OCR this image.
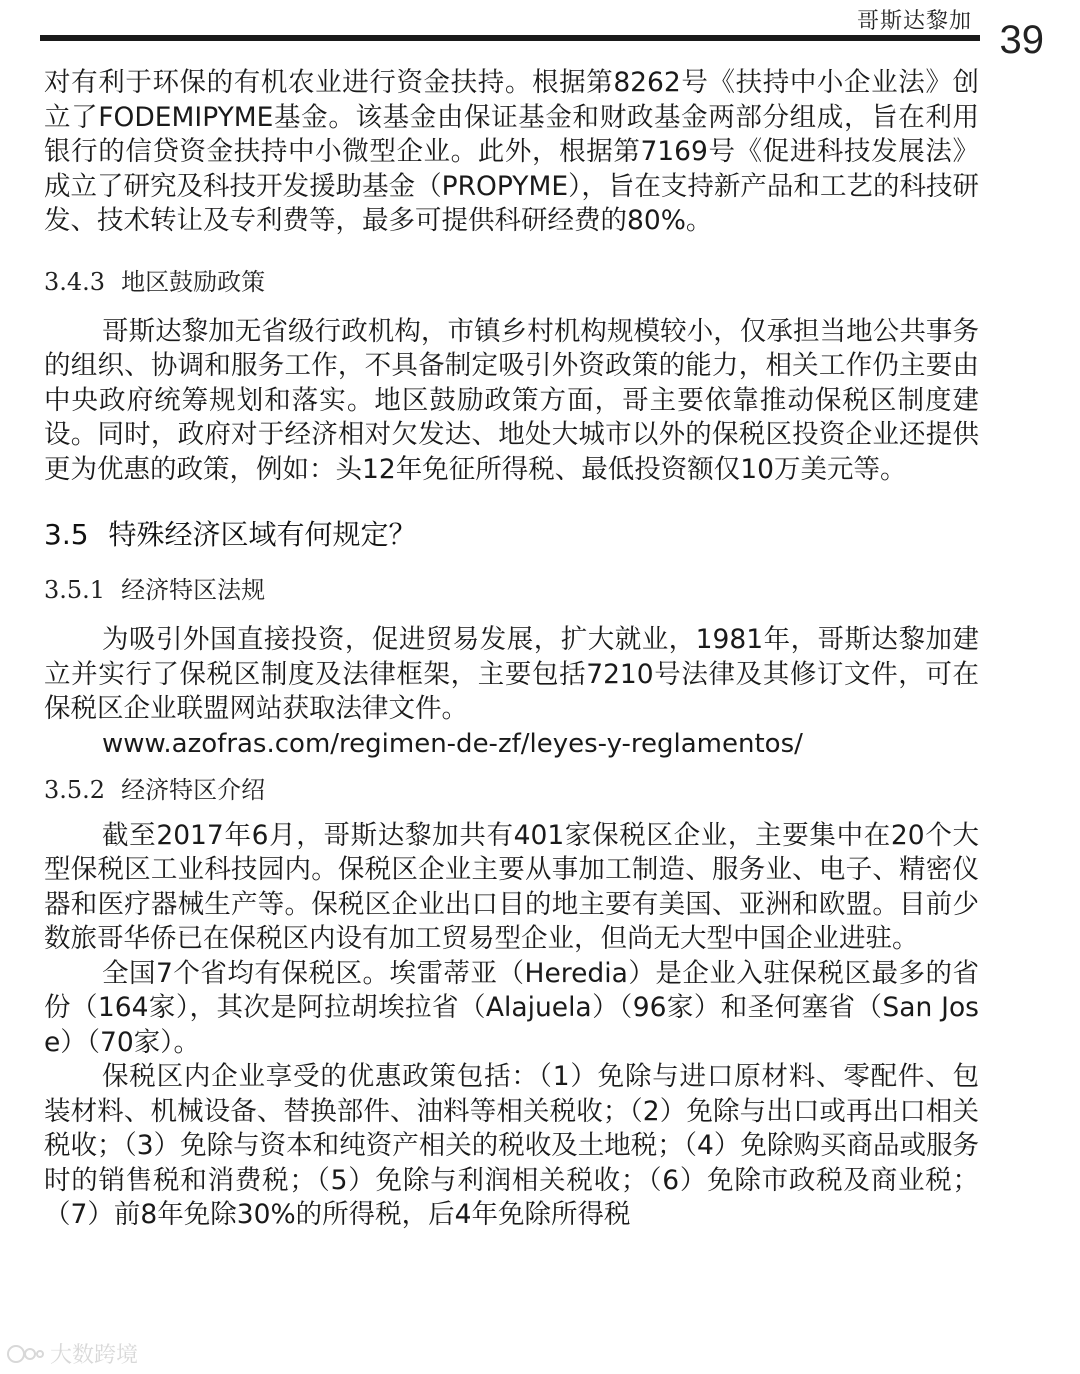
哥斯达黎加 39

对有利于环保的有机农业进行资金扶持。根据第8262号《扶持中小企业法》创立了FODEMIPYME基金。该基金由保证基金和财政基金两部分组成，旨在利用银行的信贷资金扶持中小微型企业。此外，根据第7169号《促进科技发展法》成立了研究及科技开发援助基金（PROPYME），旨在支持新产品和工艺的科技研发、技术转让及专利费等，最多可提供科研经费的80%。

3.4.3 地区鼓励政策

哥斯达黎加无省级行政机构，市镇乡村机构规模较小，仅承担当地公共事务的组织、协调和服务工作，不具备制定吸引外资政策的能力，相关工作仍主要由中央政府统筹规划和落实。地区鼓励政策方面，哥主要依靠推动保税区制度建设。同时，政府对于经济相对欠发达、地处大城市以外的保税区投资企业还提供更为优惠的政策，例如：头12年免征所得税、最低投资额仅10万美元等。

3.5 特殊经济区域有何规定？
3.5.1 经济特区法规

为吸引外国直接投资，促进贸易发展，扩大就业，1981年，哥斯达黎加建立并实行了保税区制度及法律框架，主要包括7210号法律及其修订文件，可在保税区企业联盟网站获取法律文件。

www.azofras.com/regimen-de-zf/leyes-y-reglamentos/

3.5.2 经济特区介绍

截至2017年6月，哥斯达黎加共有401家保税区企业，主要集中在20个大型保税区工业科技园内。保税区企业主要从事加工制造、服务业、电子、精密仪器和医疗器械生产等。保税区企业出口目的地主要有美国、亚洲和欧盟。目前少数旅哥华侨已在保税区内设有加工贸易型企业，但尚无大型中国企业进驻。

全国7个省均有保税区。埃雷蒂亚（Heredia）是企业入驻保税区最多的省份（164家），其次是阿拉胡埃拉省（Alajuela）（96家）和圣何塞省（San Jose）（70家）。

保税区内企业享受的优惠政策包括：（1）免除与进口原材料、零配件、包装材料、机械设备、替换部件、油料等相关税收；（2）免除与出口或再出口相关税收；（3）免除与资本和纯资产相关的税收及土地税；（4）免除购买商品或服务时的销售税和消费税；（5）免除与利润相关税收；（6）免除市政税及商业税；（7）前8年免除30%的所得税，后4年免除所得税

大数跨境
